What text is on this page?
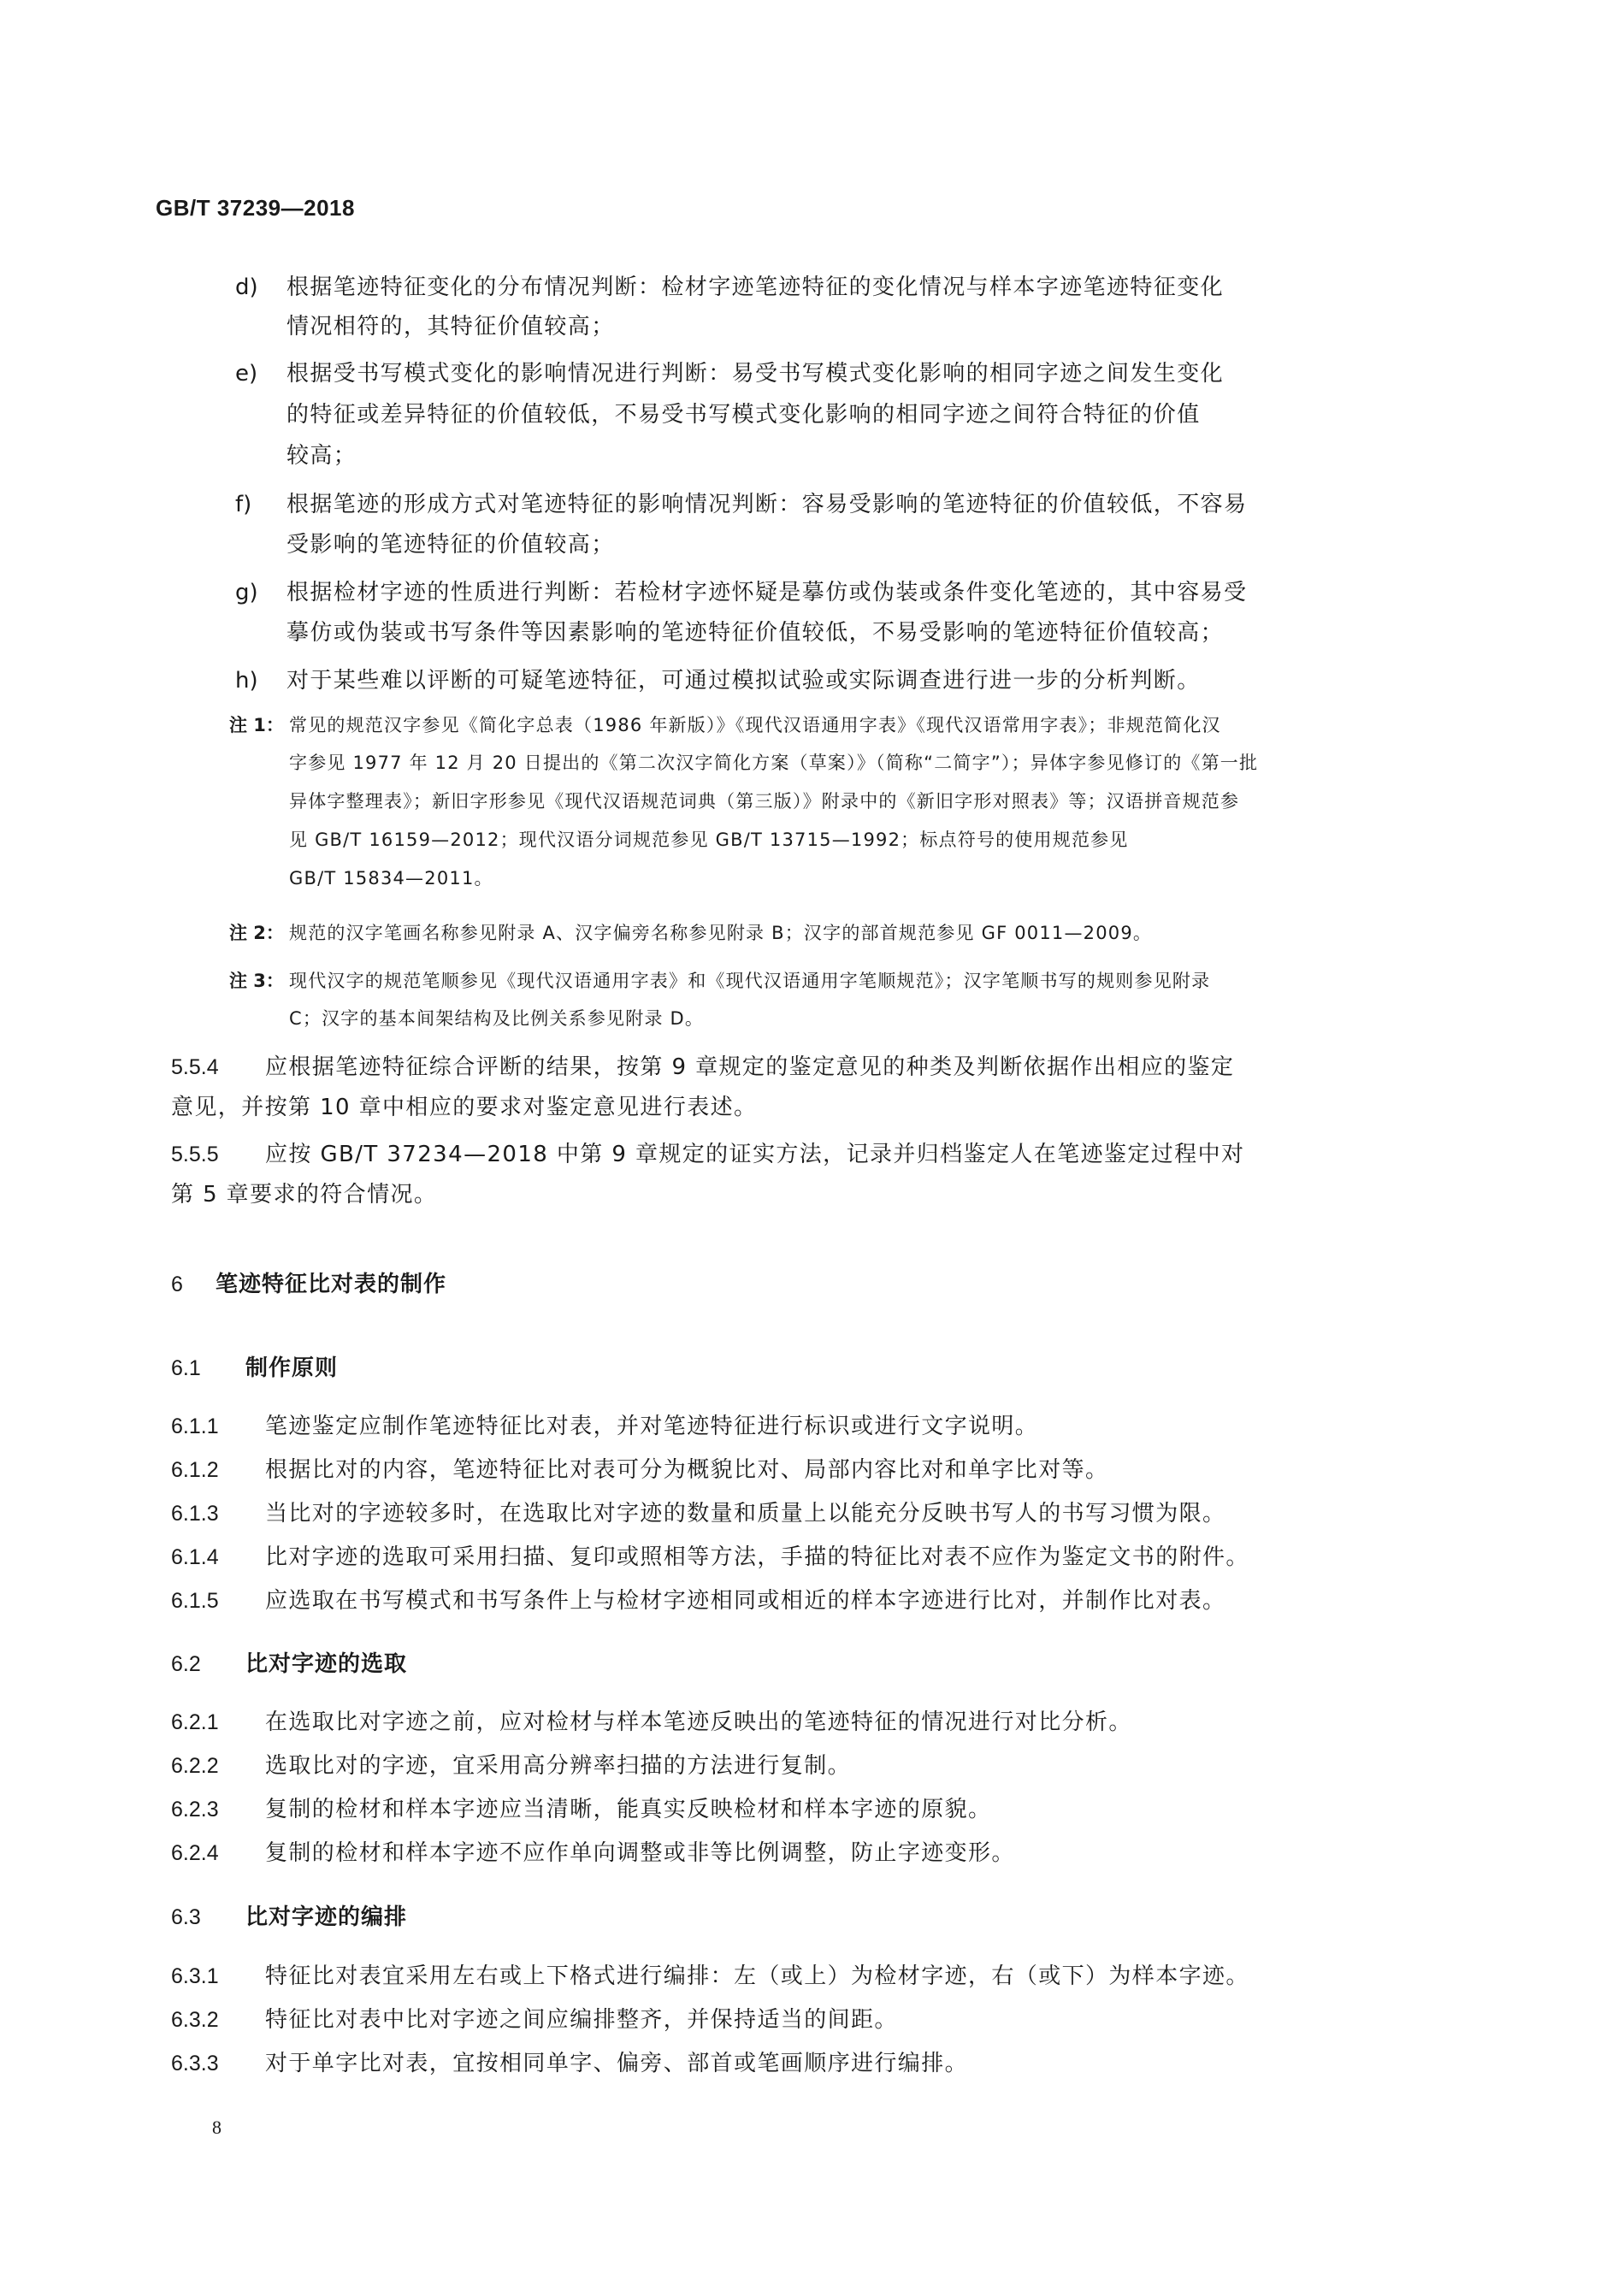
GB/T 37239—2018
d)	根据笔迹特征变化的分布情况判断：检材字迹笔迹特征的变化情况与样本字迹笔迹特征变化
情况相符的，其特征价值较高；
e)	根据受书写模式变化的影响情况进行判断：易受书写模式变化影响的相同字迹之间发生变化
的特征或差异特征的价值较低，不易受书写模式变化影响的相同字迹之间符合特征的价值
较高；
f)	根据笔迹的形成方式对笔迹特征的影响情况判断：容易受影响的笔迹特征的价值较低，不容易
受影响的笔迹特征的价值较高；
g)	根据检材字迹的性质进行判断：若检材字迹怀疑是摹仿或伪装或条件变化笔迹的，其中容易受
摹仿或伪装或书写条件等因素影响的笔迹特征价值较低，不易受影响的笔迹特征价值较高；
h)	对于某些难以评断的可疑笔迹特征，可通过模拟试验或实际调查进行进一步的分析判断。
注 1： 常见的规范汉字参见《简化字总表（1986 年新版）》《现代汉语通用字表》《现代汉语常用字表》；非规范简化汉
字参见 1977 年 12 月 20 日提出的《第二次汉字简化方案（草案）》（简称“二简字”）；异体字参见修订的《第一批
异体字整理表》；新旧字形参见《现代汉语规范词典（第三版）》附录中的《新旧字形对照表》等；汉语拼音规范参
见 GB/T 16159—2012；现代汉语分词规范参见 GB/T 13715—1992；标点符号的使用规范参见
GB/T 15834—2011。
注 2： 规范的汉字笔画名称参见附录 A、汉字偏旁名称参见附录 B；汉字的部首规范参见 GF 0011—2009。
注 3： 现代汉字的规范笔顺参见《现代汉语通用字表》和《现代汉语通用字笔顺规范》；汉字笔顺书写的规则参见附录
C；汉字的基本间架结构及比例关系参见附录 D。
5.5.4 应根据笔迹特征综合评断的结果，按第 9 章规定的鉴定意见的种类及判断依据作出相应的鉴定
意见，并按第 10 章中相应的要求对鉴定意见进行表述。
5.5.5 应按 GB/T 37234—2018 中第 9 章规定的证实方法，记录并归档鉴定人在笔迹鉴定过程中对
第 5 章要求的符合情况。
6 笔迹特征比对表的制作
6.1 制作原则
6.1.1 笔迹鉴定应制作笔迹特征比对表，并对笔迹特征进行标识或进行文字说明。
6.1.2 根据比对的内容，笔迹特征比对表可分为概貌比对、局部内容比对和单字比对等。
6.1.3 当比对的字迹较多时，在选取比对字迹的数量和质量上以能充分反映书写人的书写习惯为限。
6.1.4 比对字迹的选取可采用扫描、复印或照相等方法，手描的特征比对表不应作为鉴定文书的附件。
6.1.5 应选取在书写模式和书写条件上与检材字迹相同或相近的样本字迹进行比对，并制作比对表。
6.2 比对字迹的选取
6.2.1 在选取比对字迹之前，应对检材与样本笔迹反映出的笔迹特征的情况进行对比分析。
6.2.2 选取比对的字迹，宜采用高分辨率扫描的方法进行复制。
6.2.3 复制的检材和样本字迹应当清晰，能真实反映检材和样本字迹的原貌。
6.2.4 复制的检材和样本字迹不应作单向调整或非等比例调整，防止字迹变形。
6.3 比对字迹的编排
6.3.1 特征比对表宜采用左右或上下格式进行编排：左（或上）为检材字迹，右（或下）为样本字迹。
6.3.2 特征比对表中比对字迹之间应编排整齐，并保持适当的间距。
6.3.3 对于单字比对表，宜按相同单字、偏旁、部首或笔画顺序进行编排。
8
